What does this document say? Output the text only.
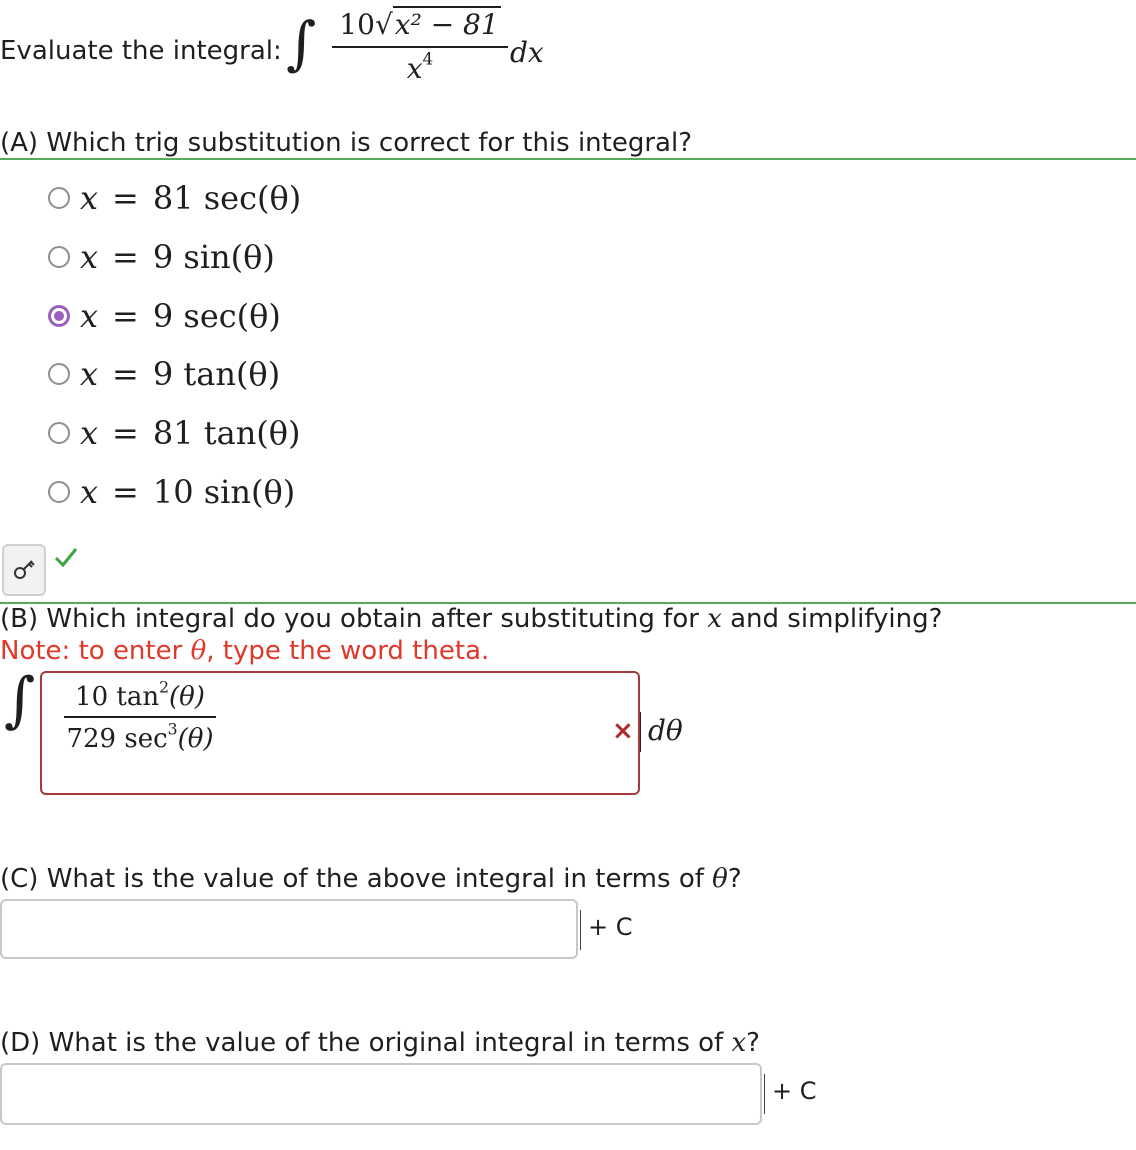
Evaluate the integral: ∫ 10√x² − 81
$x^4$	dx
(A) Which trig substitution is correct for this integral?
x = 81 sec(θ)
x = 9 sin(θ)
x = 9 sec(θ)
x = 9 tan(θ)
x = 81 tan(θ)
x = 10 sin(θ)
(B) Which integral do you obtain after substituting for x and simplifying?
Note: to enter θ, type the word theta.
∫	10 $\tan^2(\theta)$
729 $\sec^3(\theta)$	× dθ
(C) What is the value of the above integral in terms of θ?
+ C
(D) What is the value of the original integral in terms of x?
+ C
